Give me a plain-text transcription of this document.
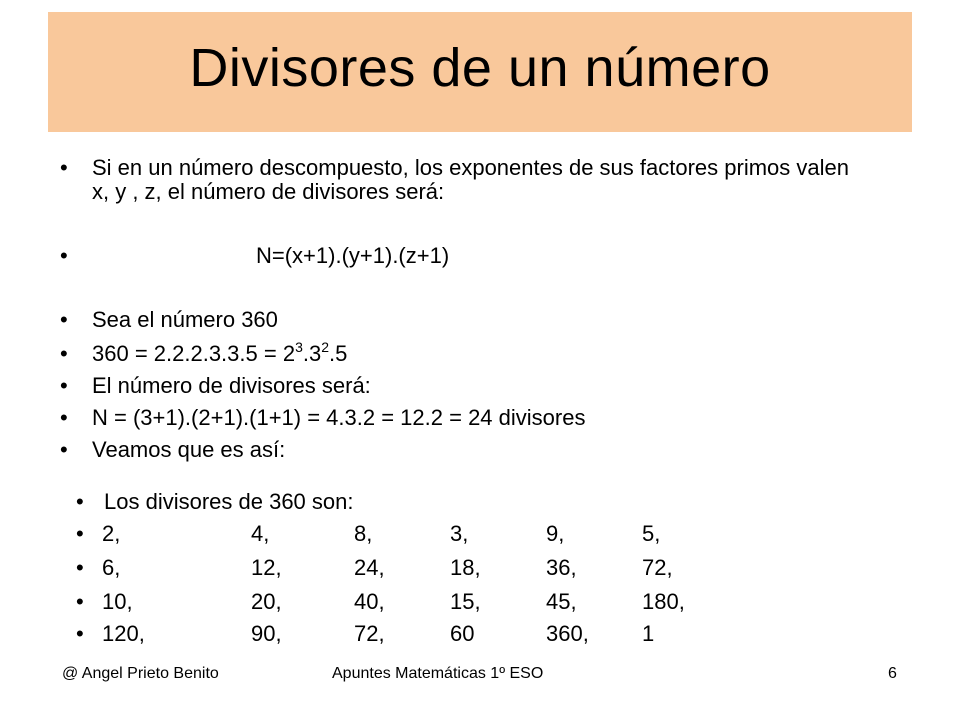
Divisores de un número
• Si en un número descompuesto, los exponentes de sus factores primos valen x, y , z, el número de divisores será:
•	N=(x+1).(y+1).(z+1)
• Sea el número 360
• $360 = 2.2.2.3.3.5 = 2^3.3^2.5$
• El número de divisores será:
• N = (3+1).(2+1).(1+1) = 4.3.2 = 12.2 = 24 divisores
• Veamos que es así:
• Los divisores de 360 son:
• 2,	4,	8,	3,	9,	5,
• 6,	12,	24,	18,	36,	72,
• 10,	20,	40,	15,	45,	180,
• 120,	90,	72,	60	360, 1
@ Angel Prieto Benito	Apuntes Matemáticas 1º ESO	6
